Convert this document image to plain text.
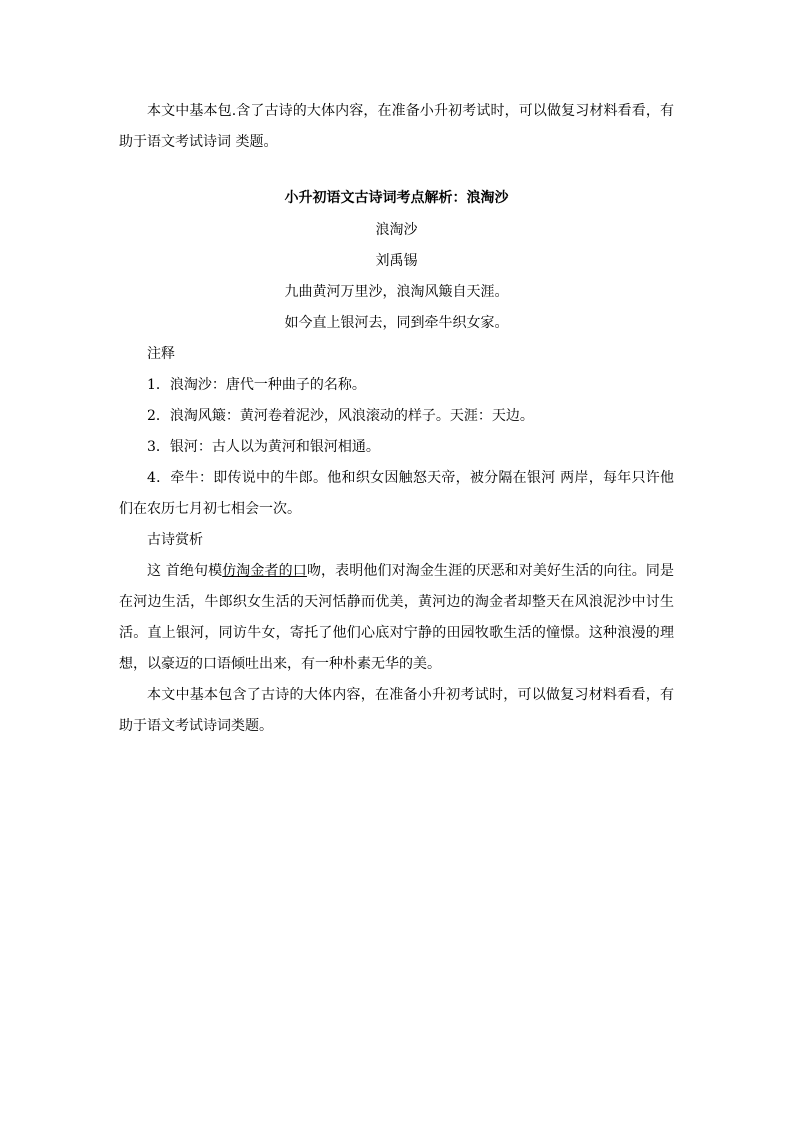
本文中基本包.含了古诗的大体内容，在准备小升初考试时，可以做复习材料看看，有助于语文考试诗词 类题。

小升初语文古诗词考点解析：浪淘沙

浪淘沙

刘禹锡

九曲黄河万里沙，浪淘风簸自天涯。

如今直上银河去，同到牵牛织女家。

注释

1．浪淘沙：唐代一种曲子的名称。

2．浪淘风簸：黄河卷着泥沙，风浪滚动的样子。天涯：天边。

3．银河：古人以为黄河和银河相通。

4．牵牛：即传说中的牛郎。他和织女因触怒天帝，被分隔在银河 两岸，每年只许他们在农历七月初七相会一次。

古诗赏析

这 首绝句模仿淘金者的口吻，表明他们对淘金生涯的厌恶和对美好生活的向往。同是在河边生活，牛郎织女生活的天河恬静而优美，黄河边的淘金者却整天在风浪泥沙中讨生活。直上银河，同访牛女，寄托了他们心底对宁静的田园牧歌生活的憧憬。这种浪漫的理想，以豪迈的口语倾吐出来，有一种朴素无华的美。

本文中基本包含了古诗的大体内容，在准备小升初考试时，可以做复习材料看看，有助于语文考试诗词类题。
